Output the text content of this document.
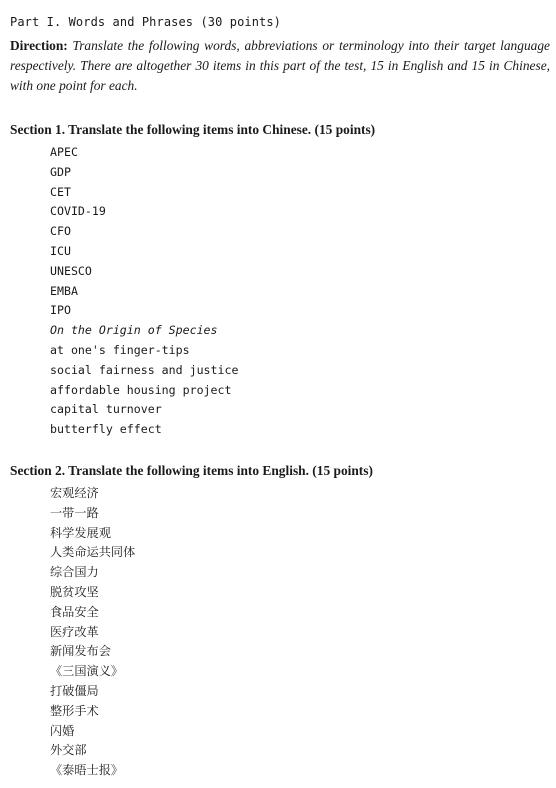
Part I. Words and Phrases (30 points)
Direction: Translate the following words, abbreviations or terminology into their target language respectively. There are altogether 30 items in this part of the test, 15 in English and 15 in Chinese, with one point for each.
Section 1. Translate the following items into Chinese. (15 points)
APEC
GDP
CET
COVID-19
CFO
ICU
UNESCO
EMBA
IPO
On the Origin of Species
at one's finger-tips
social fairness and justice
affordable housing project
capital turnover
butterfly effect
Section 2. Translate the following items into English. (15 points)
宏观经济
一带一路
科学发展观
人类命运共同体
综合国力
脱贫攻坚
食品安全
医疗改革
新闻发布会
《三国演义》
打破僵局
整形手术
闪婚
外交部
《泰晤士报》
